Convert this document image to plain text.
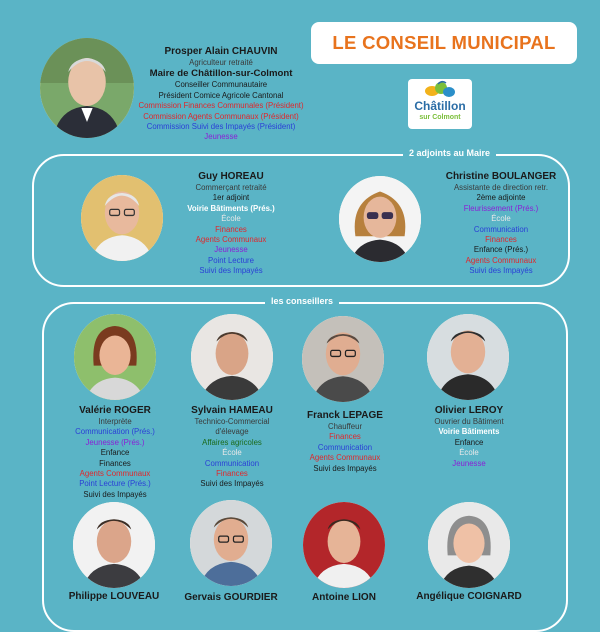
LE CONSEIL MUNICIPAL
Châtillon
sur Colmont
Prosper Alain CHAUVIN
Agriculteur retraité
Maire de Châtillon-sur-Colmont
Conseiller Communautaire
Président Comice Agricole Cantonal
Commission Finances Communales (Président)
Commission Agents Communaux (Président)
Commission Suivi des Impayés (Président)
Jeunesse
2 adjoints au Maire
Guy HOREAU
Commerçant retraité
1er adjoint
Voirie Bâtiments (Prés.)
École
Finances
Agents Communaux
Jeunesse
Point Lecture
Suivi des Impayés
Christine BOULANGER
Assistante de direction retr.
2ème adjointe
Fleurissement (Prés.)
École
Communication
Finances
Enfance (Prés.)
Agents Communaux
Suivi des Impayés
les conseillers
Valérie ROGER
Interprète
Communication (Prés.)
Jeunesse (Prés.)
Enfance
Finances
Agents Communaux
Point Lecture (Prés.)
Suivi des Impayés
Sylvain HAMEAU
Technico-Commercial
d'élevage
Affaires agricoles
École
Communication
Finances
Suivi des Impayés
Franck LEPAGE
Chauffeur
Finances
Communication
Agents Communaux
Suivi des Impayés
Olivier LEROY
Ouvrier du Bâtiment
Voirie Bâtiments
Enfance
École
Jeunesse
Philippe LOUVEAU	Gervais GOURDIER	Antoine LION	Angélique COIGNARD
